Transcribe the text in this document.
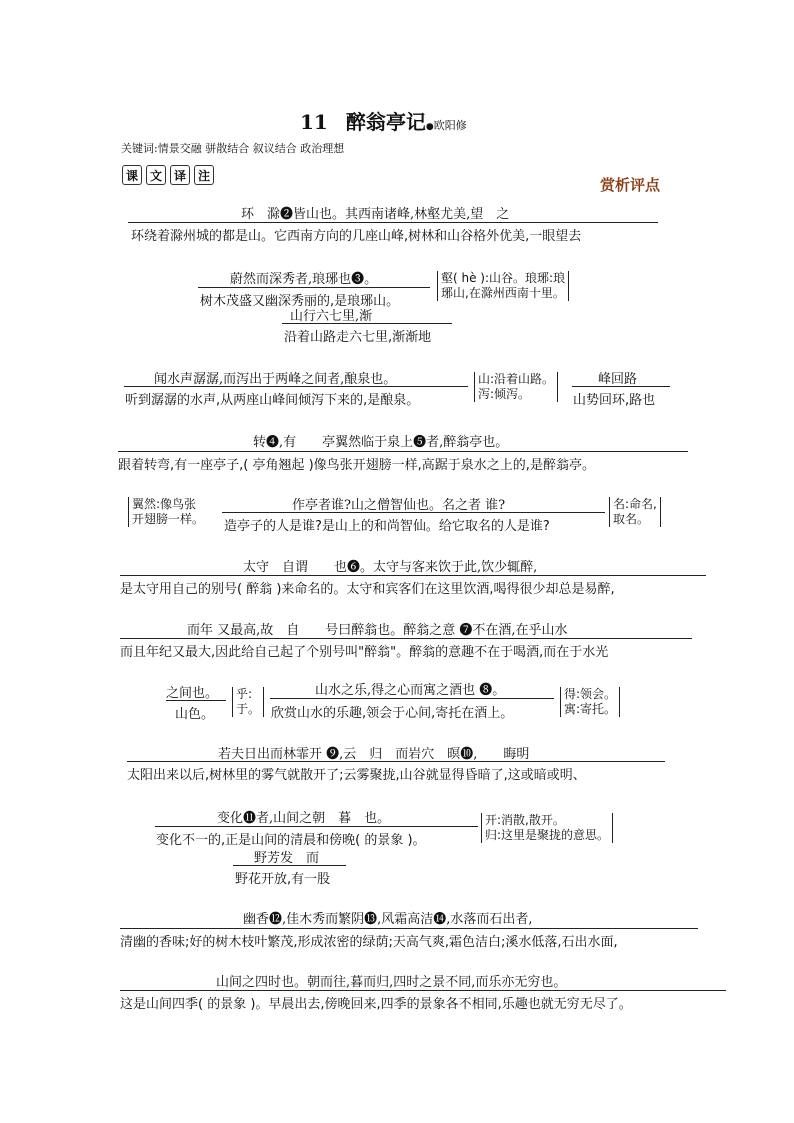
11 醉翁亭记●欧阳修
关键词:情景交融 骈散结合 叙议结合 政治理想
课 文 译 注
赏析评点
环　滁❷皆山也。其西南诸峰,林壑尤美,望　之
环绕着滁州城的都是山。它西南方向的几座山峰,树林和山谷格外优美,一眼望去
蔚然而深秀者,琅琊也❸。
树木茂盛又幽深秀丽的,是琅琊山。
壑( hè ):山谷。琅琊:琅
琊山,在滁州西南十里。
山行六七里,渐
沿着山路走六七里,渐渐地
闻水声潺潺,而泻出于两峰之间者,酿泉也。
听到潺潺的水声,从两座山峰间倾泻下来的,是酿泉。
山:沿着山路。
泻:倾泻。
峰回路
山势回环,路也
转❹,有　　亭翼然临于泉上❺者,醉翁亭也。
跟着转弯,有一座亭子,( 亭角翘起 )像鸟张开翅膀一样,高踞于泉水之上的,是醉翁亭。
翼然:像鸟张
开翅膀一样。
作亭者谁?山之僧智仙也。名之者 谁?
造亭子的人是谁?是山上的和尚智仙。给它取名的人是谁?
名:命名,
取名。
太守　自谓　　也❻。太守与客来饮于此,饮少辄醉,
是太守用自己的别号( 醉翁 )来命名的。太守和宾客们在这里饮酒,喝得很少却总是易醉,
而年 又最高,故　自　　号曰醉翁也。醉翁之意 ❼不在酒,在乎山水
而且年纪又最大,因此给自己起了个别号叫"醉翁"。醉翁的意趣不在于喝酒,而在于水光
之间也。
山色。
乎:
于。
山水之乐,得之心而寓之酒也 ❽。
欣赏山水的乐趣,领会于心间,寄托在酒上。
得:领会。
寓:寄托。
若夫日出而林霏开 ❾,云　归　而岩穴　暝❿,　　晦明
太阳出来以后,树林里的雾气就散开了;云雾聚拢,山谷就显得昏暗了,这或暗或明、
变化⓫者,山间之朝　暮　也。
变化不一的,正是山间的清晨和傍晚( 的景象 )。
开:消散,散开。
归:这里是聚拢的意思。
野芳发　而
野花开放,有一股
幽香⓬,佳木秀而繁阴⓭,风霜高洁⓮,水落而石出者,
清幽的香味;好的树木枝叶繁茂,形成浓密的绿荫;天高气爽,霜色洁白;溪水低落,石出水面,
山间之四时也。朝而往,暮而归,四时之景不同,而乐亦无穷也。
这是山间四季( 的景象 )。早晨出去,傍晚回来,四季的景象各不相同,乐趣也就无穷无尽了。
